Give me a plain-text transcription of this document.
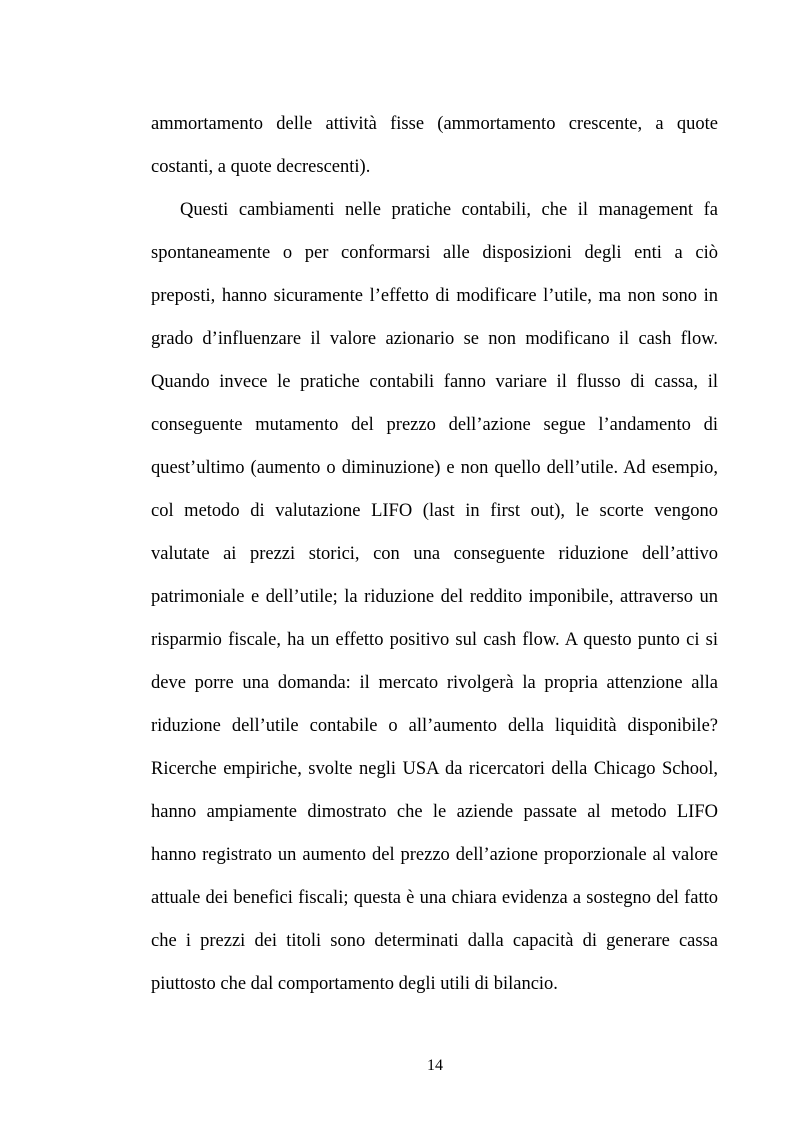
ammortamento delle attività fisse (ammortamento crescente, a quote
costanti, a quote decrescenti).
Questi cambiamenti nelle pratiche contabili, che il management fa
spontaneamente o per conformarsi alle disposizioni degli enti a ciò
preposti, hanno sicuramente l’effetto di modificare l’utile, ma non sono in
grado d’influenzare il valore azionario se non modificano il cash flow.
Quando invece le pratiche contabili fanno variare il flusso di cassa, il
conseguente mutamento del prezzo dell’azione segue l’andamento di
quest’ultimo (aumento o diminuzione) e non quello dell’utile. Ad esempio,
col metodo di valutazione LIFO (last in first out), le scorte vengono
valutate ai prezzi storici, con una conseguente riduzione dell’attivo
patrimoniale e dell’utile; la riduzione del reddito imponibile, attraverso un
risparmio fiscale, ha un effetto positivo sul cash flow. A questo punto ci si
deve porre una domanda: il mercato rivolgerà la propria attenzione alla
riduzione dell’utile contabile o all’aumento della liquidità disponibile?
Ricerche empiriche, svolte negli USA da ricercatori della Chicago School,
hanno ampiamente dimostrato che le aziende passate al metodo LIFO
hanno registrato un aumento del prezzo dell’azione proporzionale al valore
attuale dei benefici fiscali; questa è una chiara evidenza a sostegno del fatto
che i prezzi dei titoli sono determinati dalla capacità di generare cassa
piuttosto che dal comportamento degli utili di bilancio.
14
